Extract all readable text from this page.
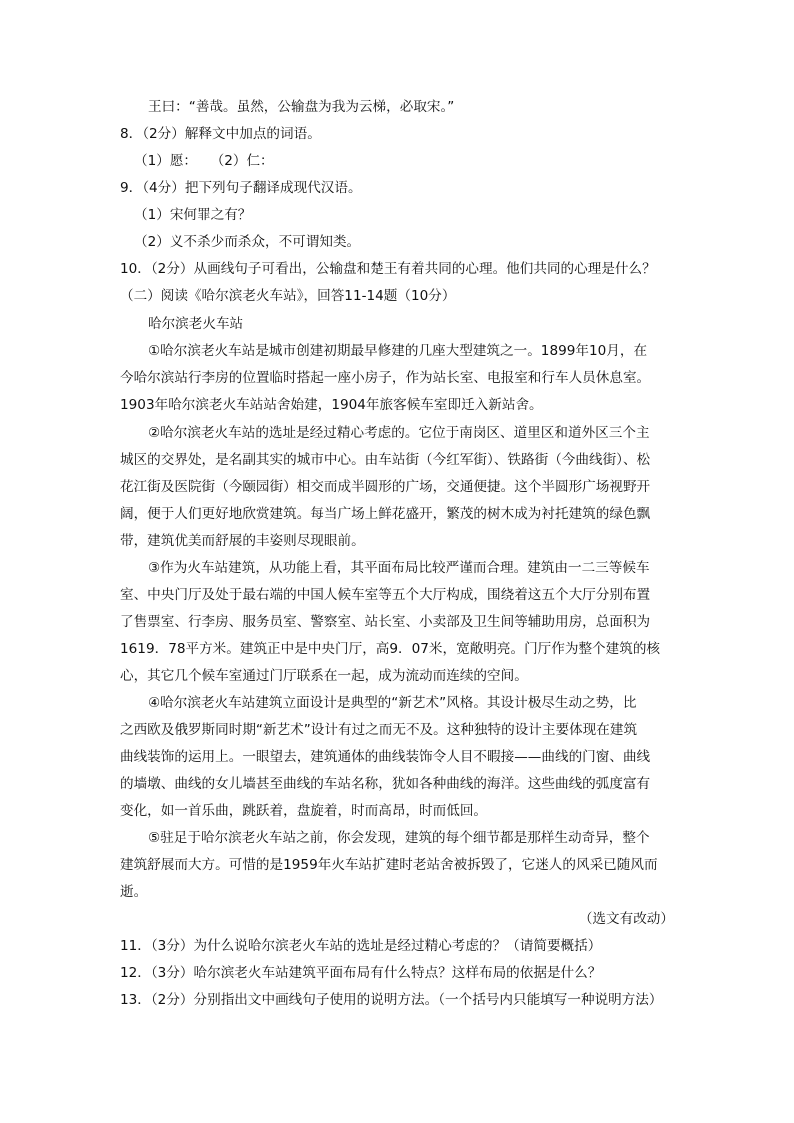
王曰：“善哉。虽然，公输盘为我为云梯，必取宋。”
8．（2分）解释文中加点的词语。
（1）愿：　　（2）仁：
9．（4分）把下列句子翻译成现代汉语。
（1）宋何罪之有？
（2）义不杀少而杀众，不可谓知类。
10．（2分）从画线句子可看出，公输盘和楚王有着共同的心理。他们共同的心理是什么？
（二）阅读《哈尔滨老火车站》，回答11-14题（10分）
哈尔滨老火车站
①哈尔滨老火车站是城市创建初期最早修建的几座大型建筑之一。1899年10月，在
今哈尔滨站行李房的位置临时搭起一座小房子，作为站长室、电报室和行车人员休息室。
1903年哈尔滨老火车站站舍始建，1904年旅客候车室即迁入新站舍。
②哈尔滨老火车站的选址是经过精心考虑的。它位于南岗区、道里区和道外区三个主
城区的交界处，是名副其实的城市中心。由车站街（今红军街）、铁路街（今曲线街）、松
花江街及医院街（今颐园街）相交而成半圆形的广场，交通便捷。这个半圆形广场视野开
阔，便于人们更好地欣赏建筑。每当广场上鲜花盛开，繁茂的树木成为衬托建筑的绿色飘
带，建筑优美而舒展的丰姿则尽现眼前。
③作为火车站建筑，从功能上看，其平面布局比较严谨而合理。建筑由一二三等候车
室、中央门厅及处于最右端的中国人候车室等五个大厅构成，围绕着这五个大厅分别布置
了售票室、行李房、服务员室、警察室、站长室、小卖部及卫生间等辅助用房，总面积为
1619．78平方米。建筑正中是中央门厅，高9．07米，宽敞明亮。门厅作为整个建筑的核
心，其它几个候车室通过门厅联系在一起，成为流动而连续的空间。
④哈尔滨老火车站建筑立面设计是典型的“新艺术”风格。其设计极尽生动之势，比
之西欧及俄罗斯同时期“新艺术”设计有过之而无不及。这种独特的设计主要体现在建筑
曲线装饰的运用上。一眼望去，建筑通体的曲线装饰令人目不暇接——曲线的门窗、曲线
的墙墩、曲线的女儿墙甚至曲线的车站名称，犹如各种曲线的海洋。这些曲线的弧度富有
变化，如一首乐曲，跳跃着，盘旋着，时而高昂，时而低回。
⑤驻足于哈尔滨老火车站之前，你会发现，建筑的每个细节都是那样生动奇异，整个
建筑舒展而大方。可惜的是1959年火车站扩建时老站舍被拆毁了，它迷人的风采已随风而
逝。
（选文有改动）
11．（3分）为什么说哈尔滨老火车站的选址是经过精心考虑的？（请简要概括）
12．（3分）哈尔滨老火车站建筑平面布局有什么特点？这样布局的依据是什么？
13．（2分）分别指出文中画线句子使用的说明方法。（一个括号内只能填写一种说明方法）
